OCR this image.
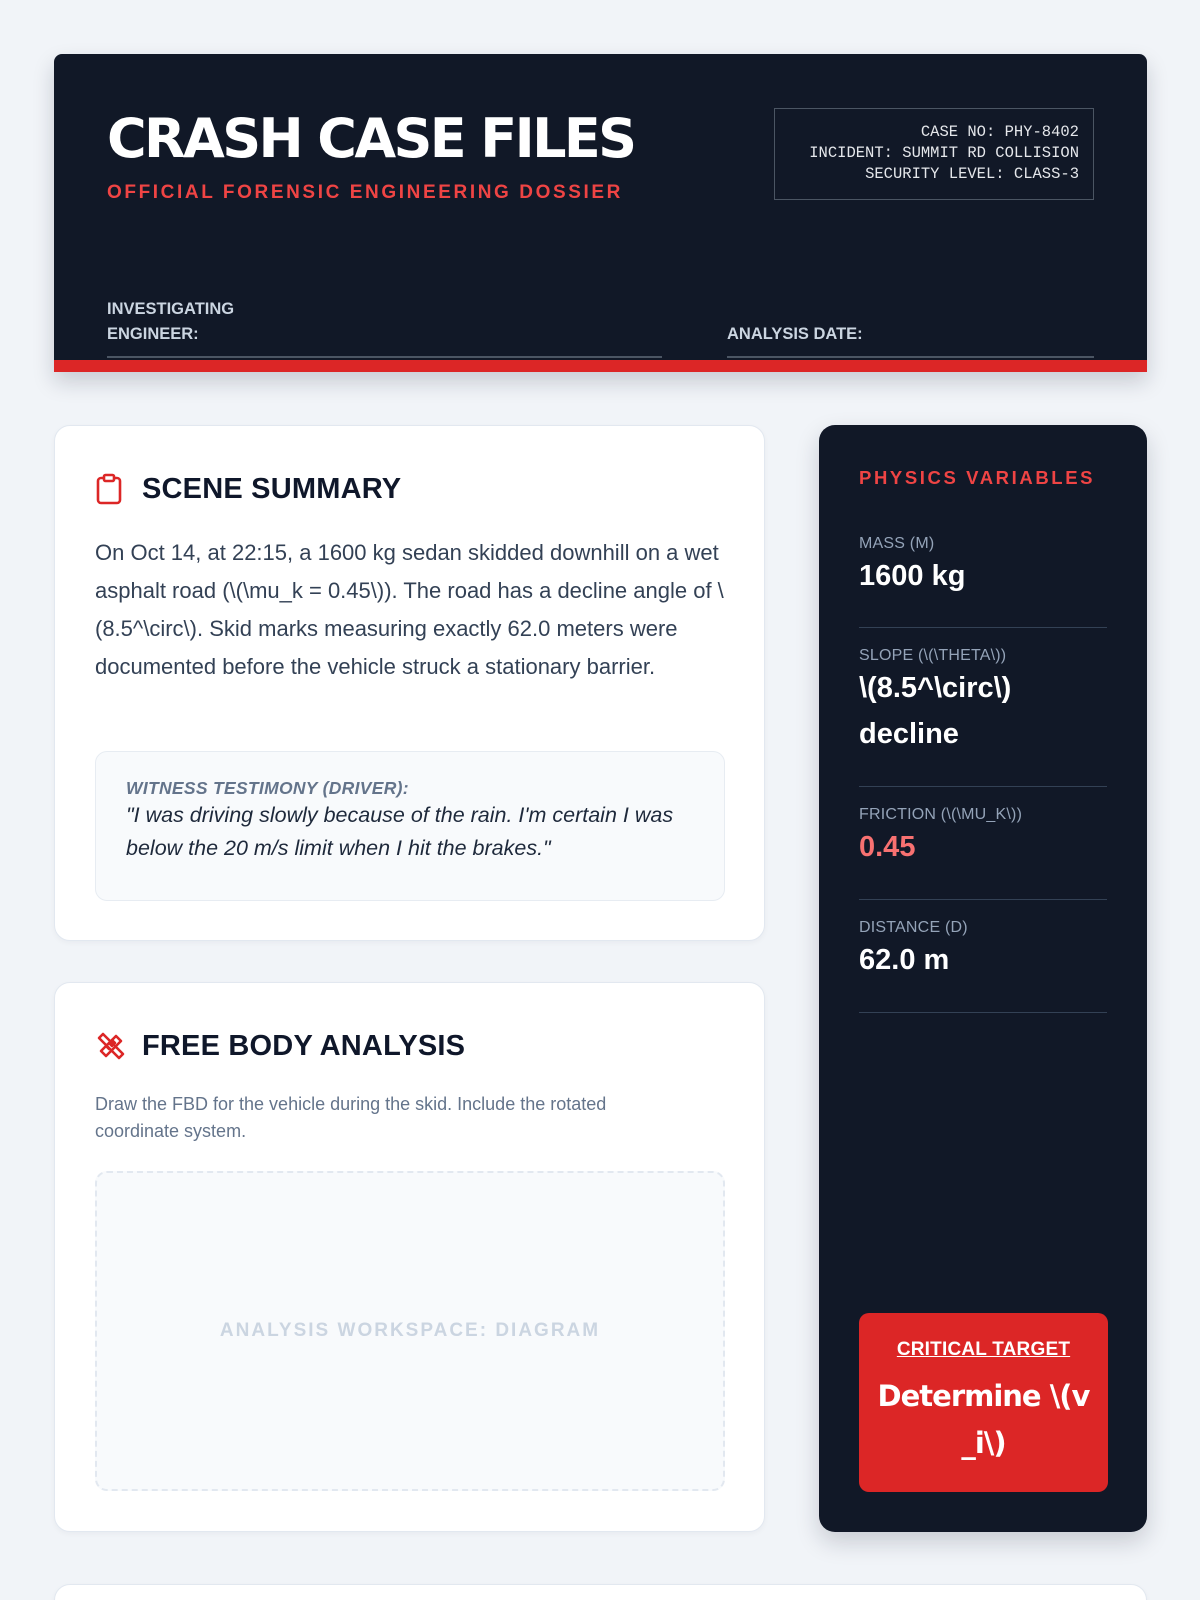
CRASH CASE FILES
OFFICIAL FORENSIC ENGINEERING DOSSIER
CASE NO: PHY-8402
INCIDENT: SUMMIT RD COLLISION
SECURITY LEVEL: CLASS-3
INVESTIGATING ENGINEER:	ANALYSIS DATE:
SCENE SUMMARY
On Oct 14, at 22:15, a 1600 kg sedan skidded downhill on a wet asphalt road (\(\mu_k = 0.45\)). The road has a decline angle of \(8.5^\circ\). Skid marks measuring exactly 62.0 meters were documented before the vehicle struck a stationary barrier.
WITNESS TESTIMONY (DRIVER):
"I was driving slowly because of the rain. I'm certain I was below the 20 m/s limit when I hit the brakes."
FREE BODY ANALYSIS
Draw the FBD for the vehicle during the skid. Include the rotated coordinate system.
ANALYSIS WORKSPACE: DIAGRAM
PHYSICS VARIABLES
MASS (M)
1600 kg
SLOPE (\(\THETA\))
\(8.5^\circ\) decline
FRICTION (\(\MU_K\))
0.45
DISTANCE (D)
62.0 m
CRITICAL TARGET
Determine \(v_i\)
